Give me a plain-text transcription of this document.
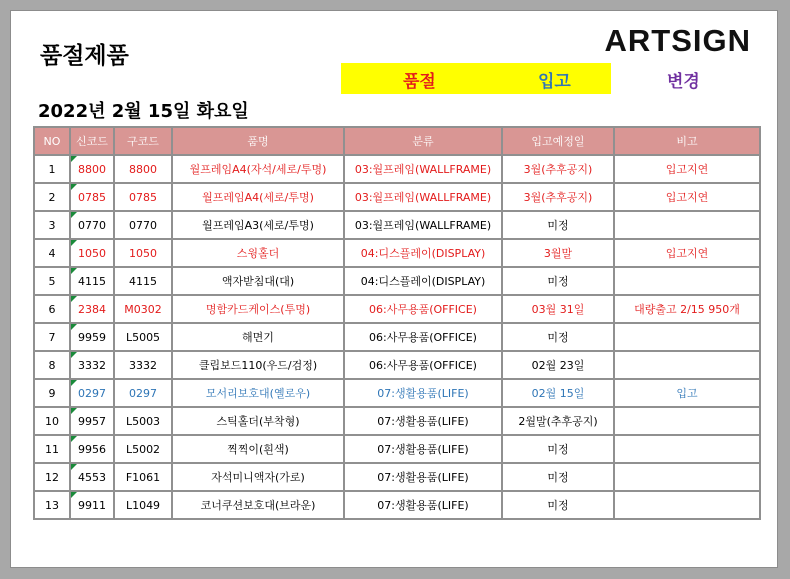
품절제품	ARTSIGN
품절	입고	변경
2022년 2월 15일 화요일
NO	신코드	구코드	품명	분류	입고예정일	비고
1	8800	8800	월프레임A4(자석/세로/투명)	03:월프레임(WALLFRAME)	3월(추후공지)	입고지연
2	0785	0785	월프레임A4(세로/투명)	03:월프레임(WALLFRAME)	3월(추후공지)	입고지연
3	0770	0770	월프레임A3(세로/투명)	03:월프레임(WALLFRAME)	미정	
4	1050	1050	스윙홀더	04:디스플레이(DISPLAY)	3월말	입고지연
5	4115	4115	액자받침대(대)	04:디스플레이(DISPLAY)	미정	
6	2384	M0302	명함카드케이스(투명)	06:사무용품(OFFICE)	03월 31일	대량출고 2/15 950개
7	9959	L5005	해면기	06:사무용품(OFFICE)	미정	
8	3332	3332	클립보드110(우드/검정)	06:사무용품(OFFICE)	02월 23일	
9	0297	0297	모서리보호대(옐로우)	07:생활용품(LIFE)	02월 15일	입고
10	9957	L5003	스틱홀더(부착형)	07:생활용품(LIFE)	2월말(추후공지)	
11	9956	L5002	찍찍이(흰색)	07:생활용품(LIFE)	미정	
12	4553	F1061	자석미니액자(가로)	07:생활용품(LIFE)	미정	
13	9911	L1049	코너쿠션보호대(브라운)	07:생활용품(LIFE)	미정	
